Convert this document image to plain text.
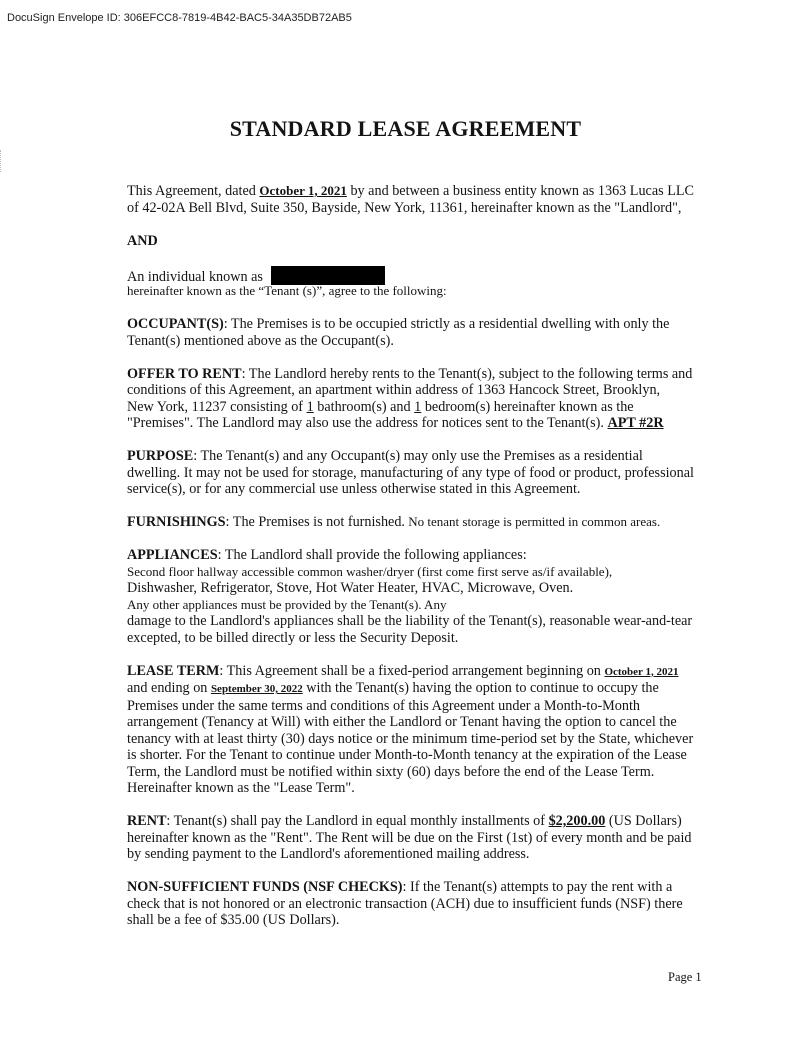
DocuSign Envelope ID: 306EFCC8-7819-4B42-BAC5-34A35DB72AB5
STANDARD LEASE AGREEMENT
This Agreement, dated October 1, 2021 by and between a business entity known as 1363 Lucas LLC
of 42-02A Bell Blvd, Suite 350, Bayside, New York, 11361, hereinafter known as the "Landlord",
AND
An individual known as
hereinafter known as the “Tenant (s)”, agree to the following:
OCCUPANT(S): The Premises is to be occupied strictly as a residential dwelling with only the
Tenant(s) mentioned above as the Occupant(s).
OFFER TO RENT: The Landlord hereby rents to the Tenant(s), subject to the following terms and
conditions of this Agreement, an apartment within address of 1363 Hancock Street, Brooklyn,
New York, 11237 consisting of 1 bathroom(s) and 1 bedroom(s) hereinafter known as the
"Premises". The Landlord may also use the address for notices sent to the Tenant(s). APT #2R
PURPOSE: The Tenant(s) and any Occupant(s) may only use the Premises as a residential
dwelling. It may not be used for storage, manufacturing of any type of food or product, professional
service(s), or for any commercial use unless otherwise stated in this Agreement.
FURNISHINGS: The Premises is not furnished. No tenant storage is permitted in common areas.
APPLIANCES: The Landlord shall provide the following appliances:
Second floor hallway accessible common washer/dryer (first come first serve as/if available),
Dishwasher, Refrigerator, Stove, Hot Water Heater, HVAC, Microwave, Oven.
Any other appliances must be provided by the Tenant(s). Any
damage to the Landlord's appliances shall be the liability of the Tenant(s), reasonable wear-and-tear
excepted, to be billed directly or less the Security Deposit.
LEASE TERM: This Agreement shall be a fixed-period arrangement beginning on October 1, 2021
and ending on September 30, 2022 with the Tenant(s) having the option to continue to occupy the
Premises under the same terms and conditions of this Agreement under a Month-to-Month
arrangement (Tenancy at Will) with either the Landlord or Tenant having the option to cancel the
tenancy with at least thirty (30) days notice or the minimum time-period set by the State, whichever
is shorter. For the Tenant to continue under Month-to-Month tenancy at the expiration of the Lease
Term, the Landlord must be notified within sixty (60) days before the end of the Lease Term.
Hereinafter known as the "Lease Term".
RENT: Tenant(s) shall pay the Landlord in equal monthly installments of $2,200.00 (US Dollars)
hereinafter known as the "Rent". The Rent will be due on the First (1st) of every month and be paid
by sending payment to the Landlord's aforementioned mailing address.
NON-SUFFICIENT FUNDS (NSF CHECKS): If the Tenant(s) attempts to pay the rent with a
check that is not honored or an electronic transaction (ACH) due to insufficient funds (NSF) there
shall be a fee of $35.00 (US Dollars).
Page 1
